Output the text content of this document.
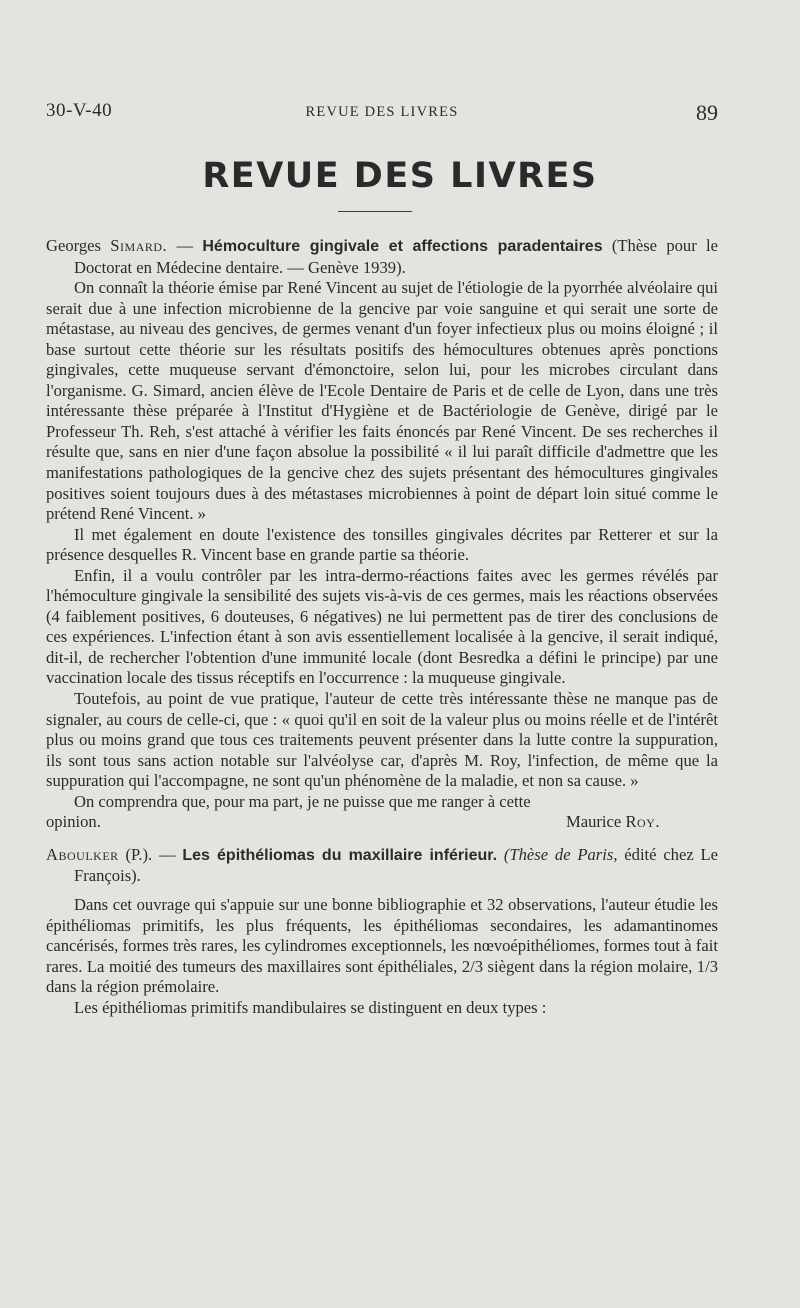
30-V-40	REVUE DES LIVRES	89
REVUE DES LIVRES

Georges Simard. — Hémoculture gingivale et affections paradentaires (Thèse pour le Doctorat en Médecine dentaire. — Genève 1939).

On connaît la théorie émise par René Vincent au sujet de l'étiologie de la pyorrhée alvéolaire qui serait due à une infection microbienne de la gencive par voie sanguine et qui serait une sorte de métastase, au niveau des gencives, de germes venant d'un foyer infectieux plus ou moins éloigné ; il base surtout cette théorie sur les résultats positifs des hémocultures obtenues après ponctions gingivales, cette muqueuse servant d'émonctoire, selon lui, pour les microbes circulant dans l'organisme. G. Simard, ancien élève de l'Ecole Dentaire de Paris et de celle de Lyon, dans une très intéressante thèse préparée à l'Institut d'Hygiène et de Bactériologie de Genève, dirigé par le Professeur Th. Reh, s'est attaché à vérifier les faits énoncés par René Vincent. De ses recherches il résulte que, sans en nier d'une façon absolue la possibilité « il lui paraît difficile d'admettre que les manifestations pathologiques de la gencive chez des sujets présentant des hémocultures gingivales positives soient toujours dues à des métastases microbiennes à point de départ loin situé comme le prétend René Vincent. »

Il met également en doute l'existence des tonsilles gingivales décrites par Retterer et sur la présence desquelles R. Vincent base en grande partie sa théorie.

Enfin, il a voulu contrôler par les intra-dermo-réactions faites avec les germes révélés par l'hémoculture gingivale la sensibilité des sujets vis-à-vis de ces germes, mais les réactions observées (4 faiblement positives, 6 douteuses, 6 négatives) ne lui permettent pas de tirer des conclusions de ces expériences. L'infection étant à son avis essentiellement localisée à la gencive, il serait indiqué, dit-il, de rechercher l'obtention d'une immunité locale (dont Besredka a défini le principe) par une vaccination locale des tissus réceptifs en l'occurrence : la muqueuse gingivale.

Toutefois, au point de vue pratique, l'auteur de cette très intéressante thèse ne manque pas de signaler, au cours de celle-ci, que : « quoi qu'il en soit de la valeur plus ou moins réelle et de l'intérêt plus ou moins grand que tous ces traitements peuvent présenter dans la lutte contre la suppuration, ils sont tous sans action notable sur l'alvéolyse car, d'après M. Roy, l'infection, de même que la suppuration qui l'accompagne, ne sont qu'un phénomène de la maladie, et non sa cause. »

On comprendra que, pour ma part, je ne puisse que me ranger à cette

opinion.	Maurice Roy.

Aboulker (P.). — Les épithéliomas du maxillaire inférieur. (Thèse de Paris, édité chez Le François).

Dans cet ouvrage qui s'appuie sur une bonne bibliographie et 32 observations, l'auteur étudie les épithéliomas primitifs, les plus fréquents, les épithéliomas secondaires, les adamantinomes cancérisés, formes très rares, les cylindromes exceptionnels, les nœvoépithéliomes, formes tout à fait rares. La moitié des tumeurs des maxillaires sont épithéliales, 2/3 siègent dans la région molaire, 1/3 dans la région prémolaire.

Les épithéliomas primitifs mandibulaires se distinguent en deux types :
